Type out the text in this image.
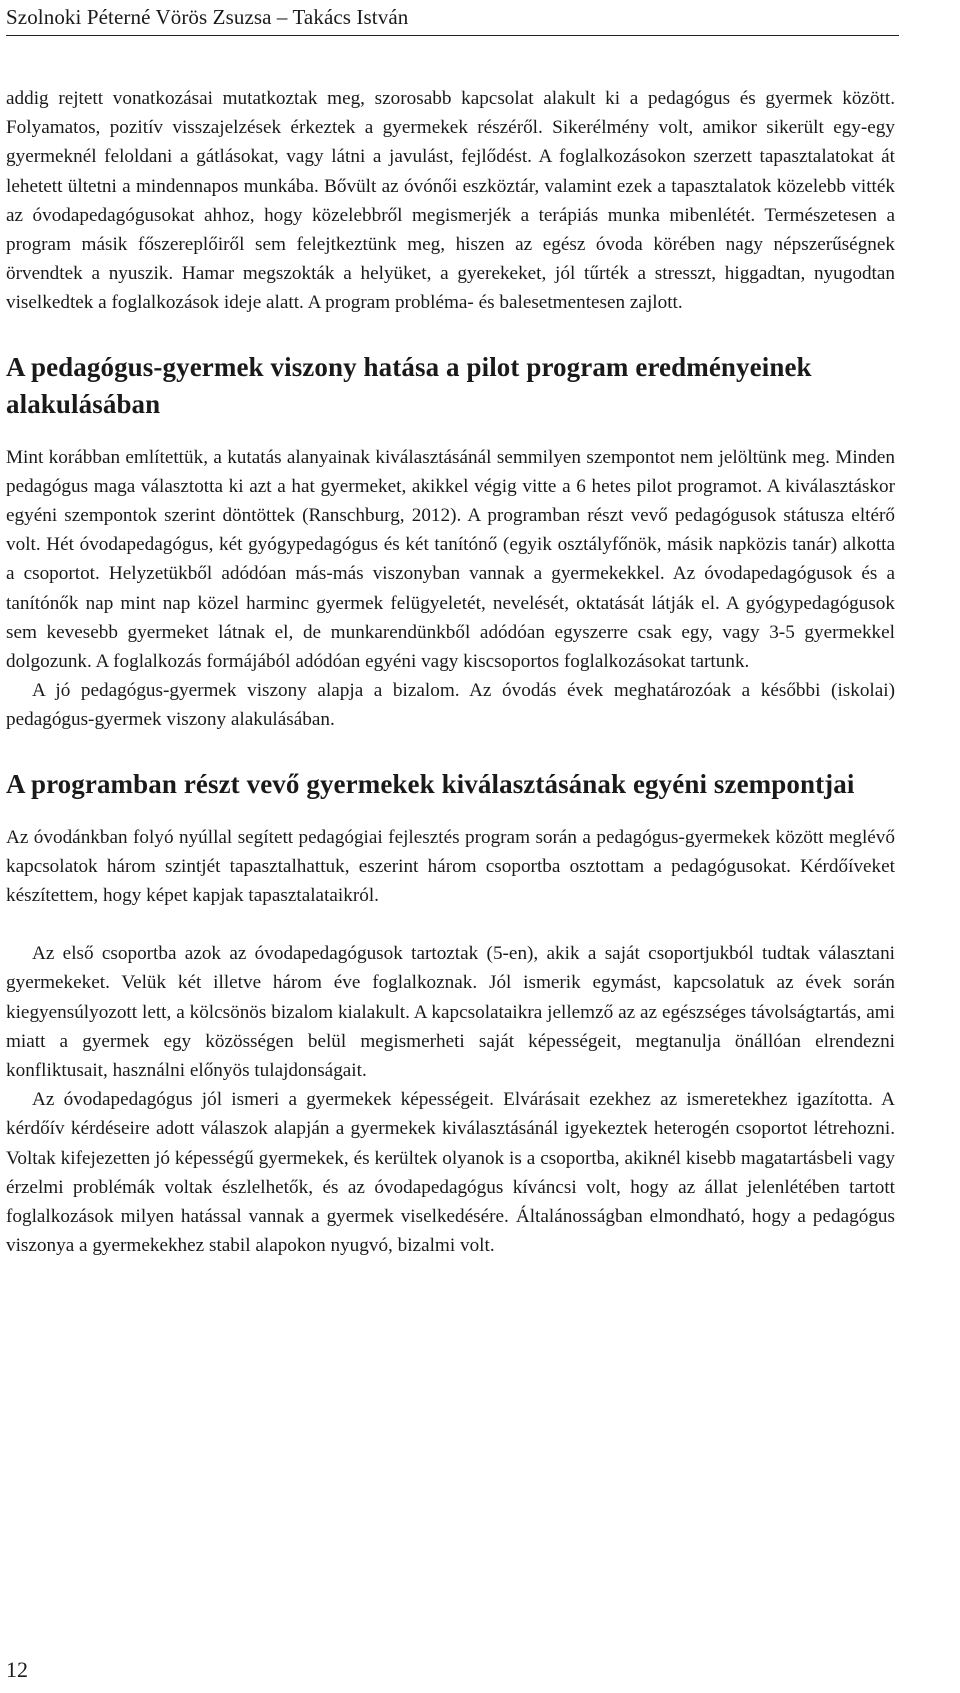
Szolnoki Péterné Vörös Zsuzsa – Takács István

addig rejtett vonatkozásai mutatkoztak meg, szorosabb kapcsolat alakult ki a pedagógus és gyermek között. Folyamatos, pozitív visszajelzések érkeztek a gyermekek részéről. Sikerélmény volt, amikor sikerült egy-egy gyermeknél feloldani a gátlásokat, vagy látni a javulást, fejlődést. A foglalkozásokon szerzett tapasztalatokat át lehetett ültetni a mindennapos munkába. Bővült az óvónői eszköztár, valamint ezek a tapasztalatok közelebb vitték az óvodapedagógusokat ahhoz, hogy közelebbről megismerjék a terápiás munka mibenlétét. Természetesen a program másik főszereplőiről sem felejtkeztünk meg, hiszen az egész óvoda körében nagy népszerűségnek örvendtek a nyuszik. Hamar megszokták a helyüket, a gyerekeket, jól tűrték a stresszt, higgadtan, nyugodtan viselkedtek a foglalkozások ideje alatt. A program probléma- és balesetmentesen zajlott.

A pedagógus-gyermek viszony hatása a pilot program eredményeinek alakulásában

Mint korábban említettük, a kutatás alanyainak kiválasztásánál semmilyen szempontot nem jelöltünk meg. Minden pedagógus maga választotta ki azt a hat gyermeket, akikkel végig vitte a 6 hetes pilot programot. A kiválasztáskor egyéni szempontok szerint döntöttek (Ranschburg, 2012). A programban részt vevő pedagógusok státusza eltérő volt. Hét óvodapedagógus, két gyógypedagógus és két tanítónő (egyik osztályfőnök, másik napközis tanár) alkotta a csoportot. Helyzetükből adódóan más-más viszonyban vannak a gyermekekkel. Az óvodapedagógusok és a tanítónők nap mint nap közel harminc gyermek felügyeletét, nevelését, oktatását látják el. A gyógypedagógusok sem kevesebb gyermeket látnak el, de munkarendünkből adódóan egyszerre csak egy, vagy 3-5 gyermekkel dolgozunk. A foglalkozás formájából adódóan egyéni vagy kiscsoportos foglalkozásokat tartunk.

A jó pedagógus-gyermek viszony alapja a bizalom. Az óvodás évek meghatározóak a későbbi (iskolai) pedagógus-gyermek viszony alakulásában.

A programban részt vevő gyermekek kiválasztásának egyéni szempontjai

Az óvodánkban folyó nyúllal segített pedagógiai fejlesztés program során a pedagógus-gyermekek között meglévő kapcsolatok három szintjét tapasztalhattuk, eszerint három csoportba osztottam a pedagógusokat. Kérdőíveket készítettem, hogy képet kapjak tapasztalataikról.

Az első csoportba azok az óvodapedagógusok tartoztak (5-en), akik a saját csoportjukból tudtak választani gyermekeket. Velük két illetve három éve foglalkoznak. Jól ismerik egymást, kapcsolatuk az évek során kiegyensúlyozott lett, a kölcsönös bizalom kialakult. A kapcsolataikra jellemző az az egészséges távolságtartás, ami miatt a gyermek egy közösségen belül megismerheti saját képességeit, megtanulja önállóan elrendezni konfliktusait, használni előnyös tulajdonságait.

Az óvodapedagógus jól ismeri a gyermekek képességeit. Elvárásait ezekhez az ismeretekhez igazította. A kérdőív kérdéseire adott válaszok alapján a gyermekek kiválasztásánál igyekeztek heterogén csoportot létrehozni. Voltak kifejezetten jó képességű gyermekek, és kerültek olyanok is a csoportba, akiknél kisebb magatartásbeli vagy érzelmi problémák voltak észlelhetők, és az óvodapedagógus kíváncsi volt, hogy az állat jelenlétében tartott foglalkozások milyen hatással vannak a gyermek viselkedésére. Általánosságban elmondható, hogy a pedagógus viszonya a gyermekekhez stabil alapokon nyugvó, bizalmi volt.

12
